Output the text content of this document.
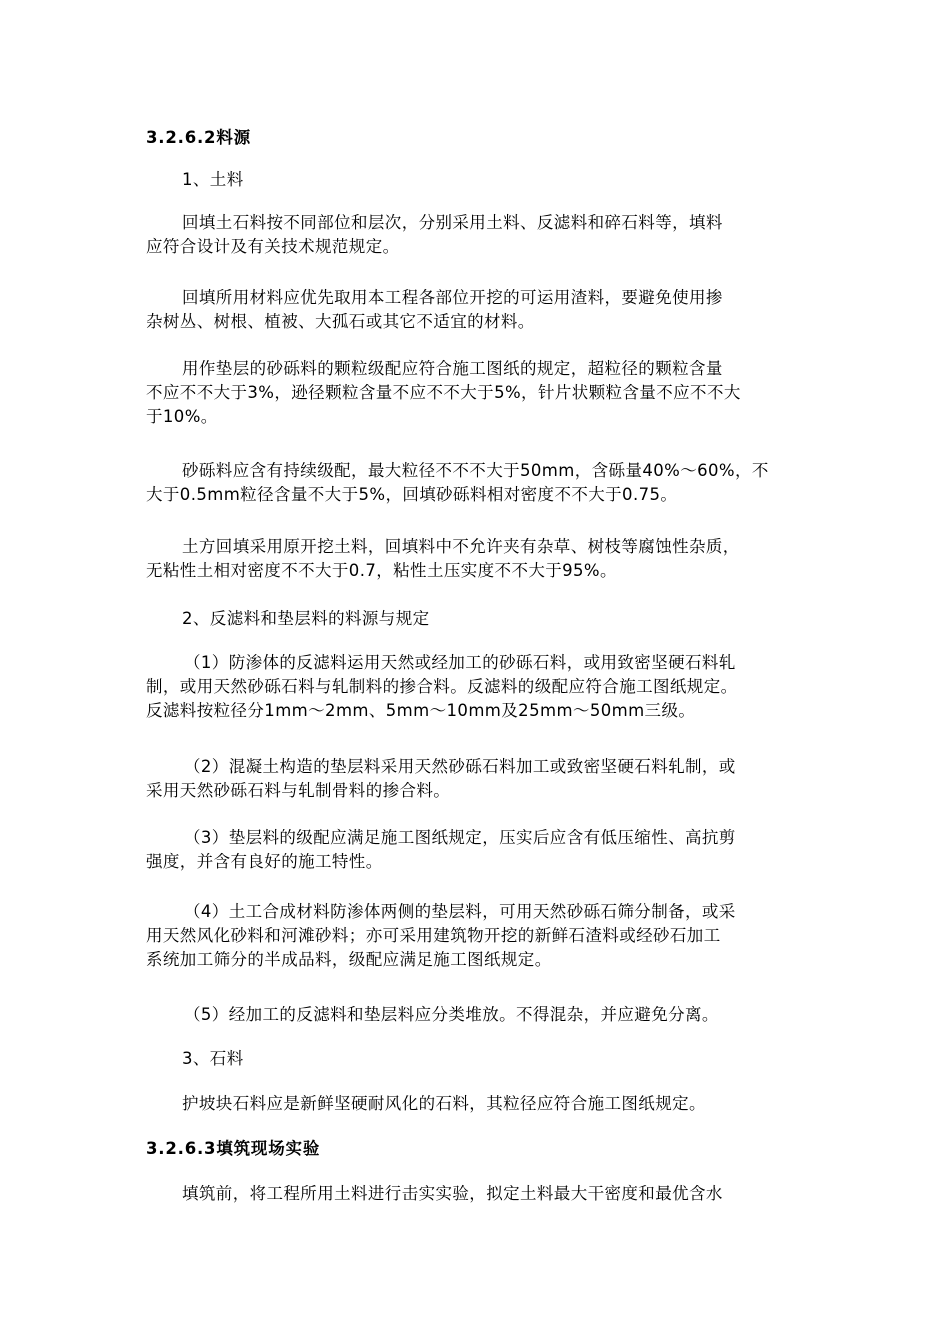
3.2.6.2料源
1、土料
回填土石料按不同部位和层次，分别采用土料、反滤料和碎石料等，填料
应符合设计及有关技术规范规定。
回填所用材料应优先取用本工程各部位开挖的可运用渣料，要避免使用掺
杂树丛、树根、植被、大孤石或其它不适宜的材料。
用作垫层的砂砾料的颗粒级配应符合施工图纸的规定，超粒径的颗粒含量
不应不不大于3%，逊径颗粒含量不应不不大于5%，针片状颗粒含量不应不不大
于10%。
砂砾料应含有持续级配，最大粒径不不不大于50mm，含砾量40%～60%，不
大于0.5mm粒径含量不大于5%，回填砂砾料相对密度不不大于0.75。
土方回填采用原开挖土料，回填料中不允许夹有杂草、树枝等腐蚀性杂质，
无粘性土相对密度不不大于0.7，粘性土压实度不不大于95%。
2、反滤料和垫层料的料源与规定
（1）防渗体的反滤料运用天然或经加工的砂砾石料，或用致密坚硬石料轧
制，或用天然砂砾石料与轧制料的掺合料。反滤料的级配应符合施工图纸规定。
反滤料按粒径分1mm～2mm、5mm～10mm及25mm～50mm三级。
（2）混凝土构造的垫层料采用天然砂砾石料加工或致密坚硬石料轧制，或
采用天然砂砾石料与轧制骨料的掺合料。
（3）垫层料的级配应满足施工图纸规定，压实后应含有低压缩性、高抗剪
强度，并含有良好的施工特性。
（4）土工合成材料防渗体两侧的垫层料，可用天然砂砾石筛分制备，或采
用天然风化砂料和河滩砂料；亦可采用建筑物开挖的新鲜石渣料或经砂石加工
系统加工筛分的半成品料，级配应满足施工图纸规定。
（5）经加工的反滤料和垫层料应分类堆放。不得混杂，并应避免分离。
3、石料
护坡块石料应是新鲜坚硬耐风化的石料，其粒径应符合施工图纸规定。
3.2.6.3填筑现场实验
填筑前，将工程所用土料进行击实实验，拟定土料最大干密度和最优含水
